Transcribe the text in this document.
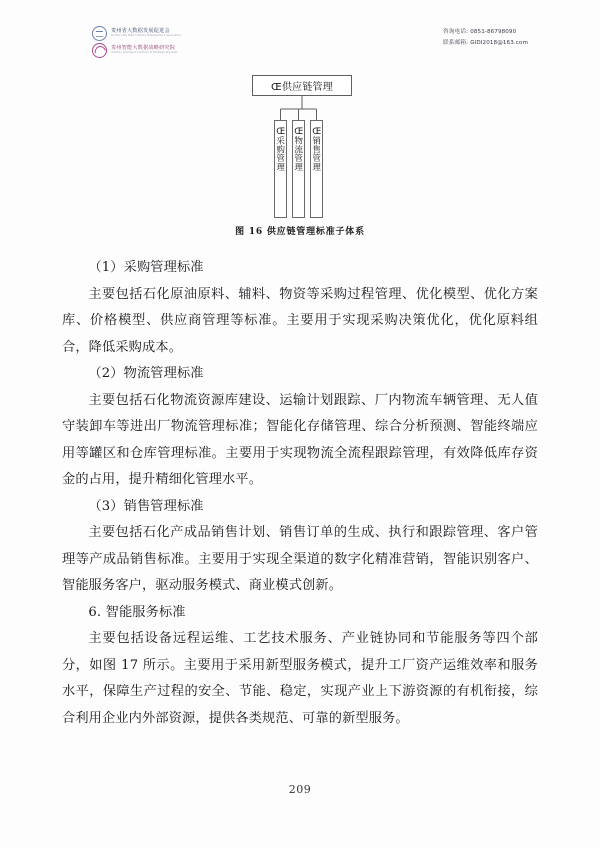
贵州省大数据发展促进会
Guizhou Big Data Industry Development Association
贵州智能大数据战略研究院
Guizhou Intelligent Institute of Strategic Big Data
咨询电话: 0851-86798090
联系邮箱: GIDI2018@163.com
Œ供应链管理
Œ采购管理 Œ物流管理 Œ销售管理
图 16 供应链管理标准子体系

（1）采购管理标准

主要包括石化原油原料、辅料、物资等采购过程管理、优化模型、优化方案库、价格模型、供应商管理等标准。主要用于实现采购决策优化，优化原料组合，降低采购成本。

（2）物流管理标准

主要包括石化物流资源库建设、运输计划跟踪、厂内物流车辆管理、无人值守装卸车等进出厂物流管理标准；智能化存储管理、综合分析预测、智能终端应用等罐区和仓库管理标准。主要用于实现物流全流程跟踪管理，有效降低库存资金的占用，提升精细化管理水平。

（3）销售管理标准

主要包括石化产成品销售计划、销售订单的生成、执行和跟踪管理、客户管理等产成品销售标准。主要用于实现全渠道的数字化精准营销，智能识别客户、智能服务客户，驱动服务模式、商业模式创新。

6. 智能服务标准

主要包括设备远程运维、工艺技术服务、产业链协同和节能服务等四个部分，如图 17 所示。主要用于采用新型服务模式，提升工厂资产运维效率和服务水平，保障生产过程的安全、节能、稳定，实现产业上下游资源的有机衔接，综合利用企业内外部资源，提供各类规范、可靠的新型服务。

209
